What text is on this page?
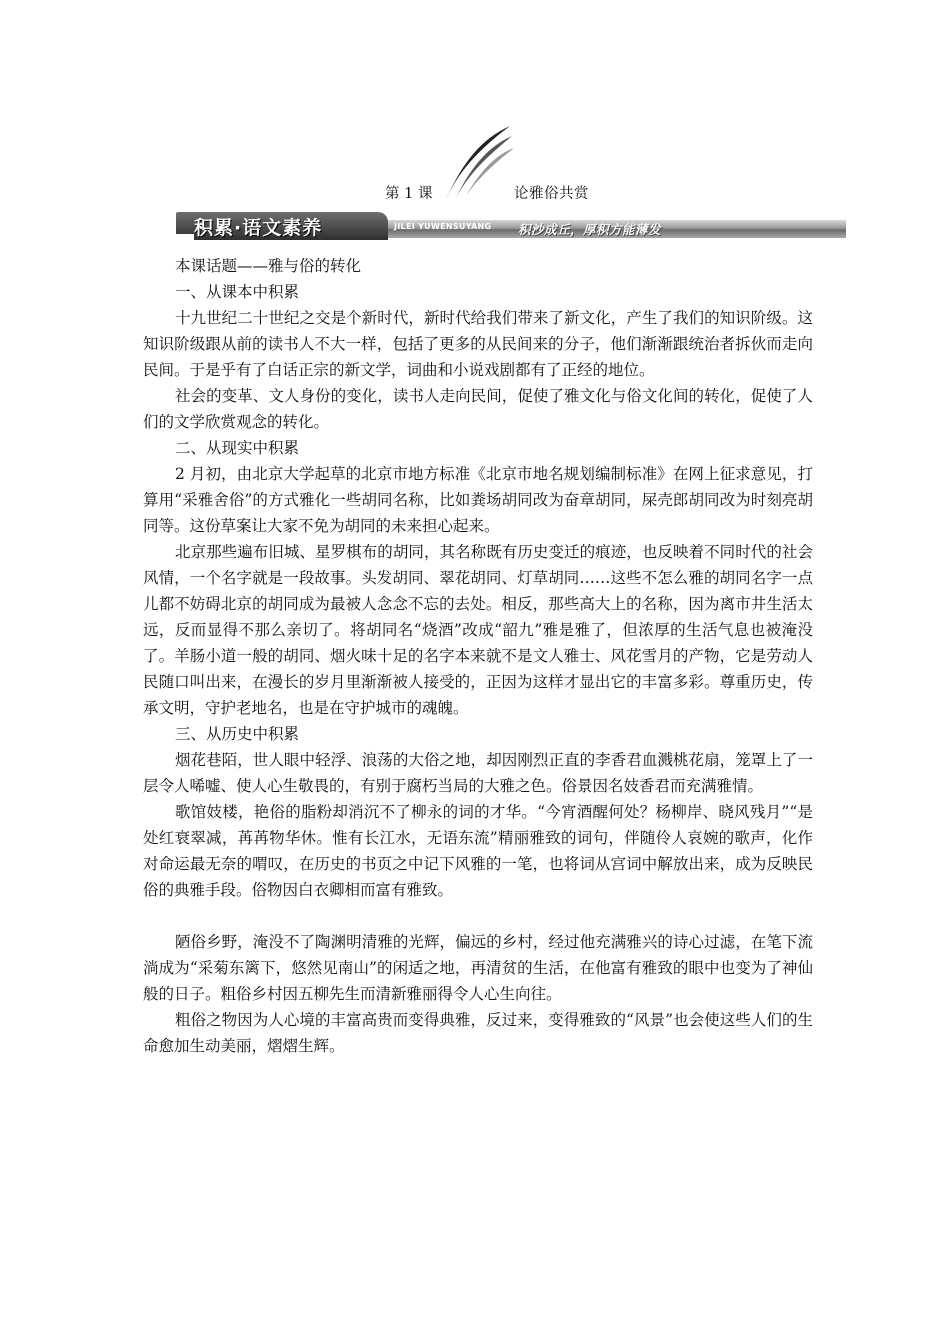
第 1 课	论雅俗共赏
积累·语文素养	JILEI YUWENSUYANG 积沙成丘，厚积方能薄发

本课话题——雅与俗的转化

一、从课本中积累

十九世纪二十世纪之交是个新时代，新时代给我们带来了新文化，产生了我们的知识阶级。这知识阶级跟从前的读书人不大一样，包括了更多的从民间来的分子，他们渐渐跟统治者拆伙而走向民间。于是乎有了白话正宗的新文学，词曲和小说戏剧都有了正经的地位。

社会的变革、文人身份的变化，读书人走向民间，促使了雅文化与俗文化间的转化，促使了人们的文学欣赏观念的转化。

二、从现实中积累

2 月初，由北京大学起草的北京市地方标准《北京市地名规划编制标准》在网上征求意见，打算用“采雅舍俗”的方式雅化一些胡同名称，比如粪场胡同改为奋章胡同，屎壳郎胡同改为时刻亮胡同等。这份草案让大家不免为胡同的未来担心起来。

北京那些遍布旧城、星罗棋布的胡同，其名称既有历史变迁的痕迹，也反映着不同时代的社会风情，一个名字就是一段故事。头发胡同、翠花胡同、灯草胡同……这些不怎么雅的胡同名字一点儿都不妨碍北京的胡同成为最被人念念不忘的去处。相反，那些高大上的名称，因为离市井生活太远，反而显得不那么亲切了。将胡同名“烧酒”改成“韶九”雅是雅了，但浓厚的生活气息也被淹没了。羊肠小道一般的胡同、烟火味十足的名字本来就不是文人雅士、风花雪月的产物，它是劳动人民随口叫出来，在漫长的岁月里渐渐被人接受的，正因为这样才显出它的丰富多彩。尊重历史，传承文明，守护老地名，也是在守护城市的魂魄。

三、从历史中积累

烟花巷陌，世人眼中轻浮、浪荡的大俗之地，却因刚烈正直的李香君血溅桃花扇，笼罩上了一层令人唏嘘、使人心生敬畏的，有别于腐朽当局的大雅之色。俗景因名妓香君而充满雅情。

歌馆妓楼，艳俗的脂粉却消沉不了柳永的词的才华。“今宵酒醒何处？杨柳岸、晓风残月”“是处红衰翠减，苒苒物华休。惟有长江水，无语东流”精丽雅致的词句，伴随伶人哀婉的歌声，化作对命运最无奈的喟叹，在历史的书页之中记下风雅的一笔，也将词从宫词中解放出来，成为反映民俗的典雅手段。俗物因白衣卿相而富有雅致。

陋俗乡野，淹没不了陶渊明清雅的光辉，偏远的乡村，经过他充满雅兴的诗心过滤，在笔下流淌成为“采菊东篱下，悠然见南山”的闲适之地，再清贫的生活，在他富有雅致的眼中也变为了神仙般的日子。粗俗乡村因五柳先生而清新雅丽得令人心生向往。

粗俗之物因为人心境的丰富高贵而变得典雅，反过来，变得雅致的“风景”也会使这些人们的生命愈加生动美丽，熠熠生辉。
